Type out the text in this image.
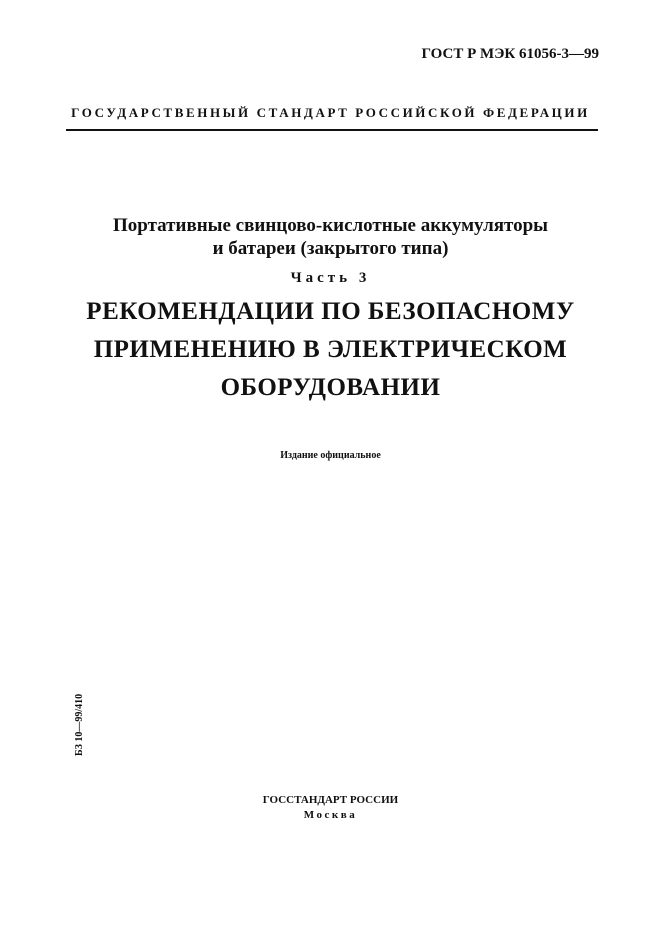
ГОСТ Р МЭК 61056-3—99
ГОСУДАРСТВЕННЫЙ СТАНДАРТ РОССИЙСКОЙ ФЕДЕРАЦИИ
Портативные свинцово-кислотные аккумуляторы
и батареи (закрытого типа)
Часть 3
РЕКОМЕНДАЦИИ ПО БЕЗОПАСНОМУ
ПРИМЕНЕНИЮ В ЭЛЕКТРИЧЕСКОМ
ОБОРУДОВАНИИ
Издание официальное
БЗ 10—99/410
ГОССТАНДАРТ РОССИИ
Москва
